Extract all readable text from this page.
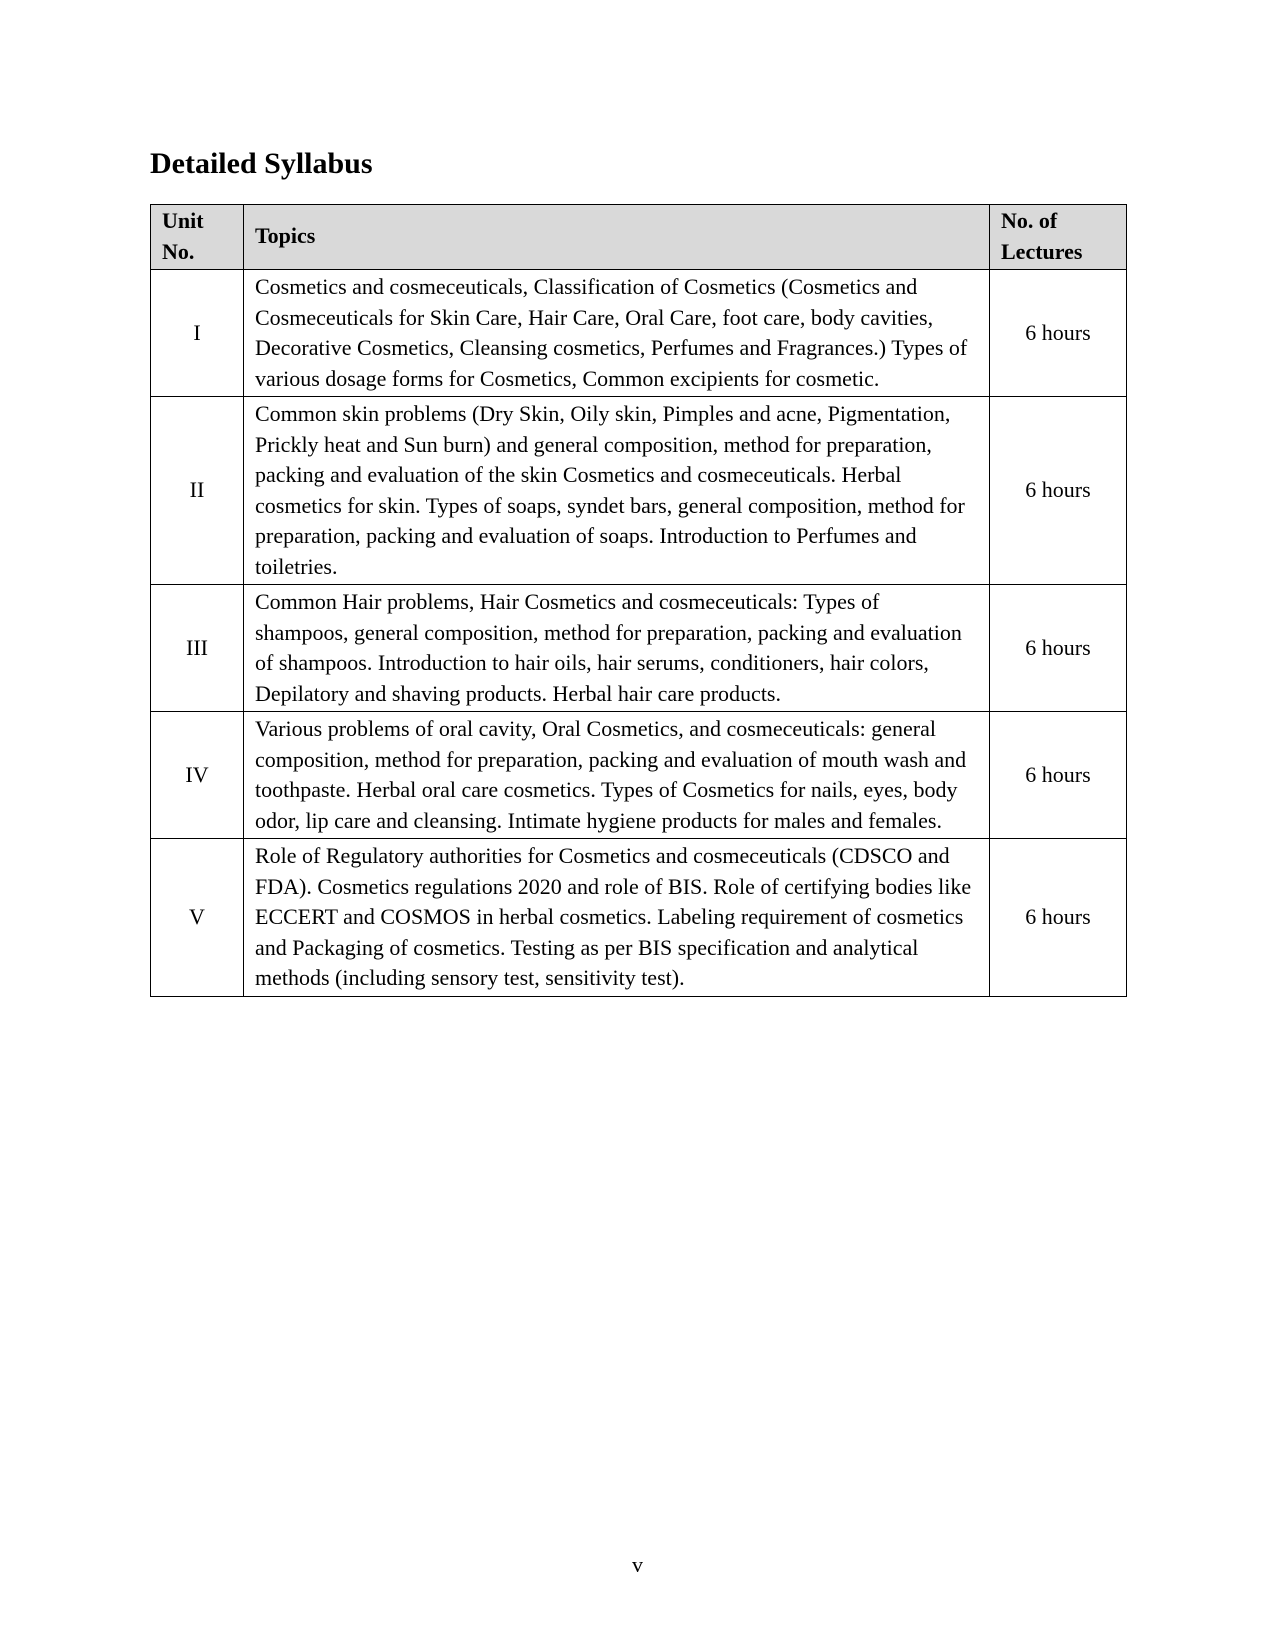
Detailed Syllabus
Unit No.	Topics	No. of Lectures
I	Cosmetics and cosmeceuticals, Classification of Cosmetics (Cosmetics and Cosmeceuticals for Skin Care, Hair Care, Oral Care, foot care, body cavities, Decorative Cosmetics, Cleansing cosmetics, Perfumes and Fragrances.) Types of various dosage forms for Cosmetics, Common excipients for cosmetic.	6 hours
II	Common skin problems (Dry Skin, Oily skin, Pimples and acne, Pigmentation, Prickly heat and Sun burn) and general composition, method for preparation, packing and evaluation of the skin Cosmetics and cosmeceuticals. Herbal cosmetics for skin. Types of soaps, syndet bars, general composition, method for preparation, packing and evaluation of soaps. Introduction to Perfumes and toiletries.	6 hours
III	Common Hair problems, Hair Cosmetics and cosmeceuticals: Types of shampoos, general composition, method for preparation, packing and evaluation of shampoos. Introduction to hair oils, hair serums, conditioners, hair colors, Depilatory and shaving products. Herbal hair care products.	6 hours
IV	Various problems of oral cavity, Oral Cosmetics, and cosmeceuticals: general composition, method for preparation, packing and evaluation of mouth wash and toothpaste. Herbal oral care cosmetics. Types of Cosmetics for nails, eyes, body odor, lip care and cleansing. Intimate hygiene products for males and females.	6 hours
V	Role of Regulatory authorities for Cosmetics and cosmeceuticals (CDSCO and FDA). Cosmetics regulations 2020 and role of BIS. Role of certifying bodies like ECCERT and COSMOS in herbal cosmetics. Labeling requirement of cosmetics and Packaging of cosmetics. Testing as per BIS specification and analytical methods (including sensory test, sensitivity test).	6 hours
v
